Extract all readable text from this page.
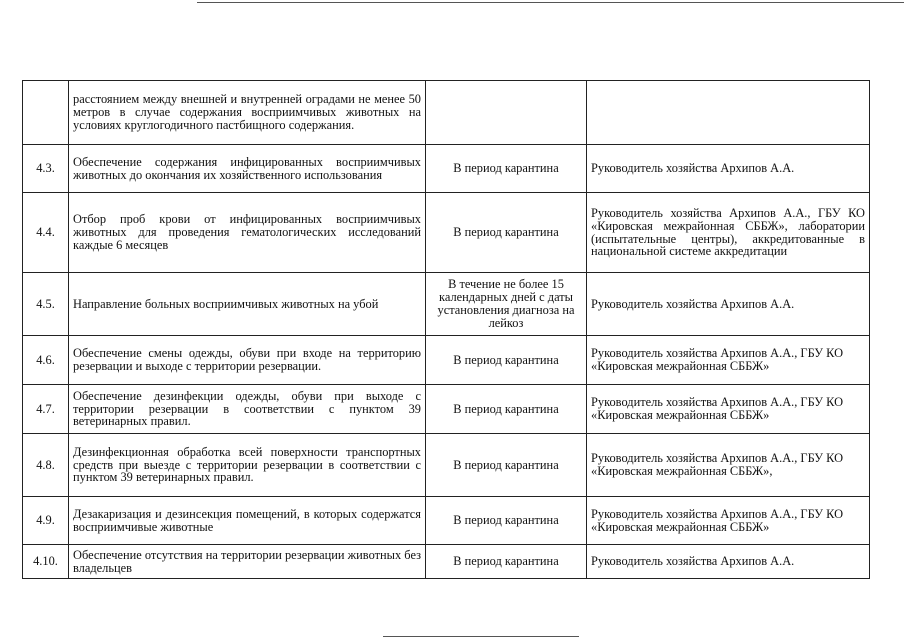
	расстоянием между внешней и внутренней оградами не менее 50 метров в случае содержания восприимчивых животных на условиях круглогодичного пастбищного содержания.		
4.3.	Обеспечение содержания инфицированных восприимчивых животных до окончания их хозяйственного использования	В период карантина	Руководитель хозяйства Архипов А.А.
4.4.	Отбор проб крови от инфицированных восприимчивых животных для проведения гематологических исследований каждые 6 месяцев	В период карантина	Руководитель хозяйства Архипов А.А., ГБУ КО «Кировская межрайонная СББЖ», лаборатории (испытательные центры), аккредитованные в национальной системе аккредитации
4.5.	Направление больных восприимчивых животных на убой	В течение не более 15 календарных дней с даты установления диагноза на лейкоз	Руководитель хозяйства Архипов А.А.
4.6.	Обеспечение смены одежды, обуви при входе на территорию резервации и выходе с территории резервации.	В период карантина	Руководитель хозяйства Архипов А.А., ГБУ КО «Кировская межрайонная СББЖ»
4.7.	Обеспечение дезинфекции одежды, обуви при выходе с территории резервации в соответствии с пунктом 39 ветеринарных правил.	В период карантина	Руководитель хозяйства Архипов А.А., ГБУ КО «Кировская межрайонная СББЖ»
4.8.	Дезинфекционная обработка всей поверхности транспортных средств при выезде с территории резервации в соответствии с пунктом 39 ветеринарных правил.	В период карантина	Руководитель хозяйства Архипов А.А., ГБУ КО «Кировская межрайонная СББЖ»,
4.9.	Дезакаризация и дезинсекция помещений, в которых содержатся восприимчивые животные	В период карантина	Руководитель хозяйства Архипов А.А., ГБУ КО «Кировская межрайонная СББЖ»
4.10.	Обеспечение отсутствия на территории резервации животных без владельцев	В период карантина	Руководитель хозяйства Архипов А.А.
